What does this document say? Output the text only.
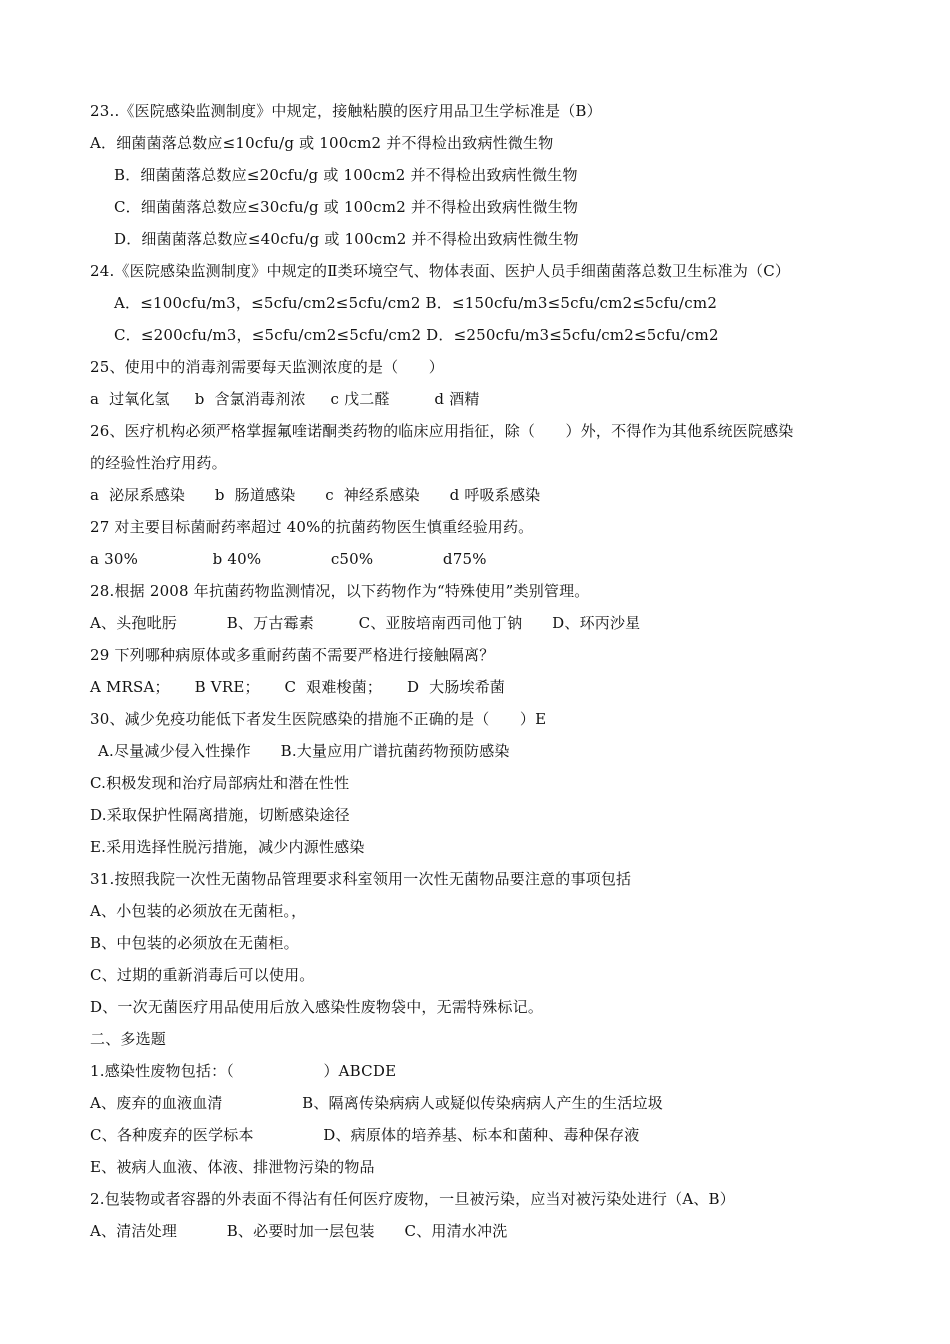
23..《医院感染监测制度》中规定，接触粘膜的医疗用品卫生学标准是（B）
A．细菌菌落总数应≤10cfu/g 或 100cm2 并不得检出致病性微生物
B．细菌菌落总数应≤20cfu/g 或 100cm2 并不得检出致病性微生物
C．细菌菌落总数应≤30cfu/g 或 100cm2 并不得检出致病性微生物
D．细菌菌落总数应≤40cfu/g 或 100cm2 并不得检出致病性微生物
24.《医院感染监测制度》中规定的Ⅱ类环境空气、物体表面、医护人员手细菌菌落总数卫生标准为（C）
A．≤100cfu/m3，≤5cfu/cm2≤5cfu/cm2 B．≤150cfu/m3≤5cfu/cm2≤5cfu/cm2
C．≤200cfu/m3，≤5cfu/cm2≤5cfu/cm2 D．≤250cfu/m3≤5cfu/cm2≤5cfu/cm2
25、使用中的消毒剂需要每天监测浓度的是（　　）
a  过氧化氢     b  含氯消毒剂浓     c 戊二醛         d 酒精
26、医疗机构必须严格掌握氟喹诺酮类药物的临床应用指征，除（　　）外，不得作为其他系统医院感染
的经验性治疗用药。
a  泌尿系感染      b  肠道感染      c  神经系感染      d 呼吸系感染
27 对主要目标菌耐药率超过 40%的抗菌药物医生慎重经验用药。
a 30%               b 40%              c50%              d75%
28.根据 2008 年抗菌药物监测情况，以下药物作为“特殊使用”类别管理。
A、头孢吡肟          B、万古霉素         C、亚胺培南西司他丁钠      D、环丙沙星
29 下列哪种病原体或多重耐药菌不需要严格进行接触隔离？
A MRSA；     B VRE；     C  艰难梭菌；     D  大肠埃希菌
30、减少免疫功能低下者发生医院感染的措施不正确的是（　　）E
A.尽量减少侵入性操作      B.大量应用广谱抗菌药物预防感染
C.积极发现和治疗局部病灶和潜在性性
D.采取保护性隔离措施，切断感染途径
E.采用选择性脱污措施，减少内源性感染
31.按照我院一次性无菌物品管理要求科室领用一次性无菌物品要注意的事项包括
A、小包装的必须放在无菌柜。，
B、中包装的必须放在无菌柜。
C、过期的重新消毒后可以使用。
D、一次无菌医疗用品使用后放入感染性废物袋中，无需特殊标记。
二、多选题
1.感染性废物包括：（                  ）ABCDE
A、废弃的血液血清                B、隔离传染病病人或疑似传染病病人产生的生活垃圾
C、各种废弃的医学标本              D、病原体的培养基、标本和菌种、毒种保存液
E、被病人血液、体液、排泄物污染的物品
2.包装物或者容器的外表面不得沾有任何医疗废物，一旦被污染，应当对被污染处进行（A、B）
A、清洁处理          B、必要时加一层包装      C、用清水冲洗
